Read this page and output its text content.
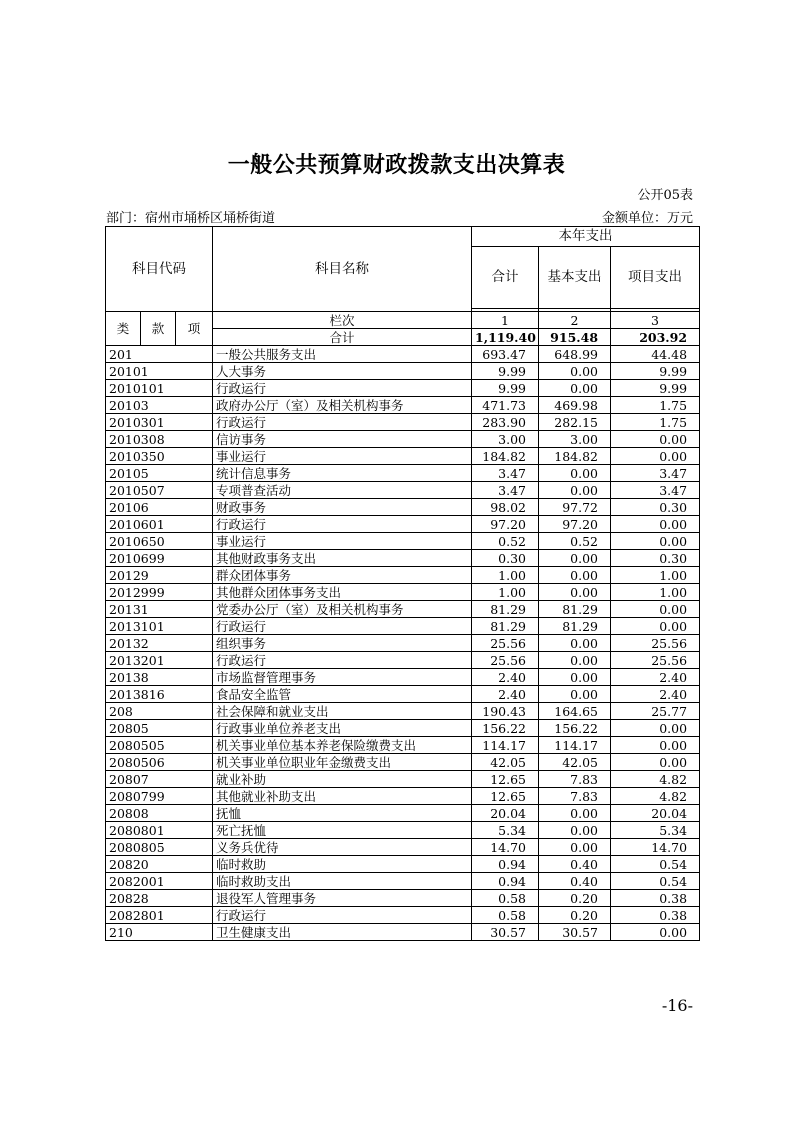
一般公共预算财政拨款支出决算表
公开05表
部门：宿州市埇桥区埇桥街道	金额单位：万元
科目代码			科目名称	本年支出		
				合计	基本支出	项目支出

类	款	项	栏次	1	2	3
			合计	1,119.40	915.48	203.92
201			一般公共服务支出	693.47	648.99	44.48
20101			人大事务	9.99	0.00	9.99
2010101			行政运行	9.99	0.00	9.99
20103			政府办公厅（室）及相关机构事务	471.73	469.98	1.75
2010301			行政运行	283.90	282.15	1.75
2010308			信访事务	3.00	3.00	0.00
2010350			事业运行	184.82	184.82	0.00
20105			统计信息事务	3.47	0.00	3.47
2010507			专项普查活动	3.47	0.00	3.47
20106			财政事务	98.02	97.72	0.30
2010601			行政运行	97.20	97.20	0.00
2010650			事业运行	0.52	0.52	0.00
2010699			其他财政事务支出	0.30	0.00	0.30
20129			群众团体事务	1.00	0.00	1.00
2012999			其他群众团体事务支出	1.00	0.00	1.00
20131			党委办公厅（室）及相关机构事务	81.29	81.29	0.00
2013101			行政运行	81.29	81.29	0.00
20132			组织事务	25.56	0.00	25.56
2013201			行政运行	25.56	0.00	25.56
20138			市场监督管理事务	2.40	0.00	2.40
2013816			食品安全监管	2.40	0.00	2.40
208			社会保障和就业支出	190.43	164.65	25.77
20805			行政事业单位养老支出	156.22	156.22	0.00
2080505			机关事业单位基本养老保险缴费支出	114.17	114.17	0.00
2080506			机关事业单位职业年金缴费支出	42.05	42.05	0.00
20807			就业补助	12.65	7.83	4.82
2080799			其他就业补助支出	12.65	7.83	4.82
20808			抚恤	20.04	0.00	20.04
2080801			死亡抚恤	5.34	0.00	5.34
2080805			义务兵优待	14.70	0.00	14.70
20820			临时救助	0.94	0.40	0.54
2082001			临时救助支出	0.94	0.40	0.54
20828			退役军人管理事务	0.58	0.20	0.38
2082801			行政运行	0.58	0.20	0.38
210			卫生健康支出	30.57	30.57	0.00
-16-
